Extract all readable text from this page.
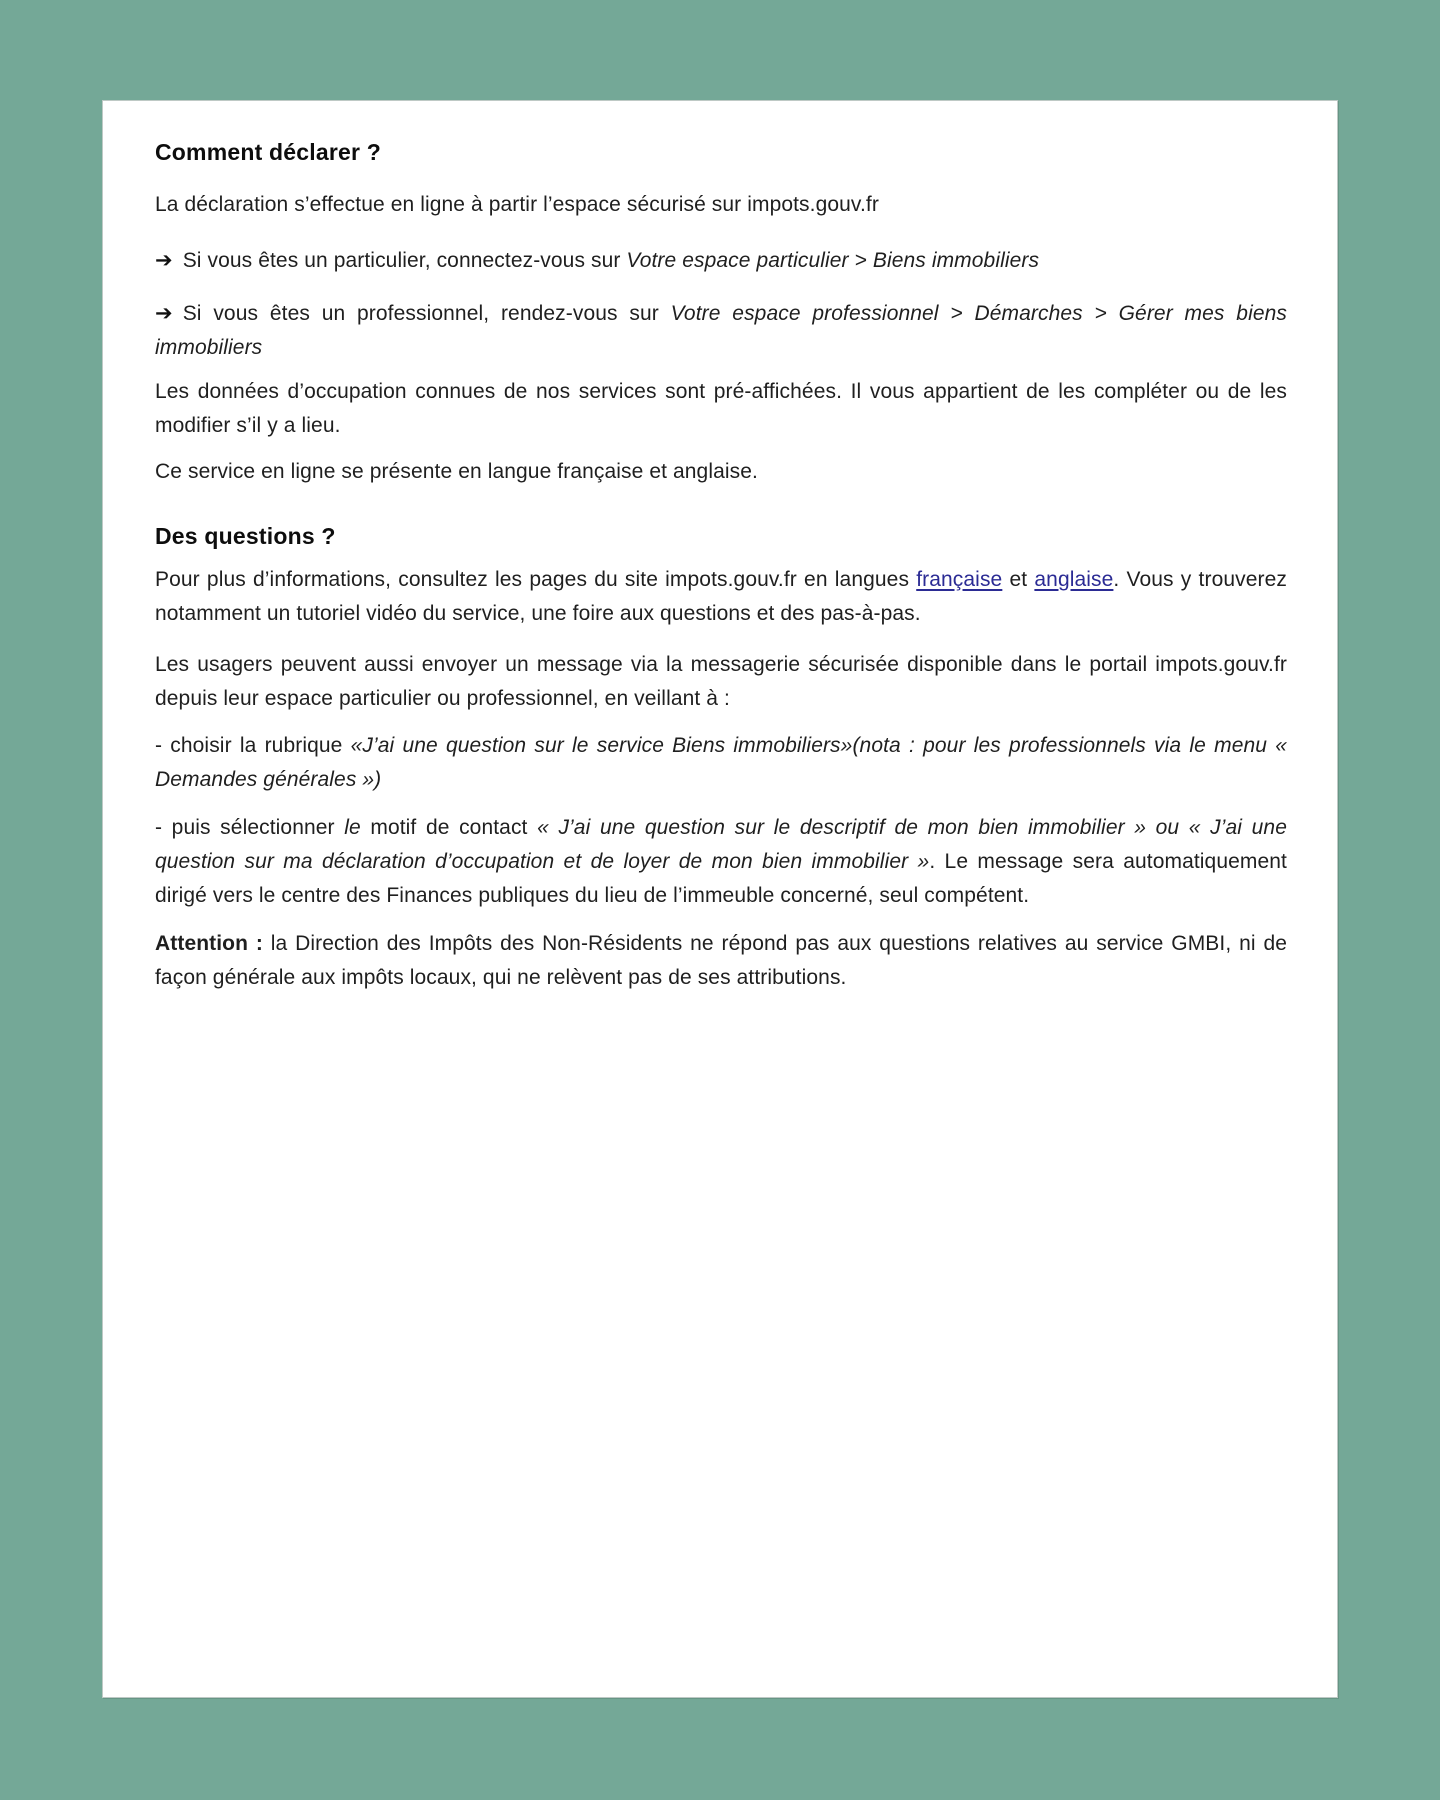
Comment déclarer ?

La déclaration s’effectue en ligne à partir l’espace sécurisé sur impots.gouv.fr

➔ Si vous êtes un particulier, connectez-vous sur Votre espace particulier > Biens immobiliers

➔ Si vous êtes un professionnel, rendez-vous sur Votre espace professionnel > Démarches > Gérer mes biens immobiliers

Les données d’occupation connues de nos services sont pré-affichées. Il vous appartient de les compléter ou de les modifier s’il y a lieu.

Ce service en ligne se présente en langue française et anglaise.

Des questions ?

Pour plus d’informations, consultez les pages du site impots.gouv.fr en langues française et anglaise. Vous y trouverez notamment un tutoriel vidéo du service, une foire aux questions et des pas-à-pas.

Les usagers peuvent aussi envoyer un message via la messagerie sécurisée disponible dans le portail impots.gouv.fr depuis leur espace particulier ou professionnel, en veillant à :

- choisir la rubrique «J’ai une question sur le service Biens immobiliers»(nota : pour les professionnels via le menu « Demandes générales »)

- puis sélectionner le motif de contact « J’ai une question sur le descriptif de mon bien immobilier » ou « J’ai une question sur ma déclaration d’occupation et de loyer de mon bien immobilier ». Le message sera automatiquement dirigé vers le centre des Finances publiques du lieu de l’immeuble concerné, seul compétent.

Attention : la Direction des Impôts des Non-Résidents ne répond pas aux questions relatives au service GMBI, ni de façon générale aux impôts locaux, qui ne relèvent pas de ses attributions.
